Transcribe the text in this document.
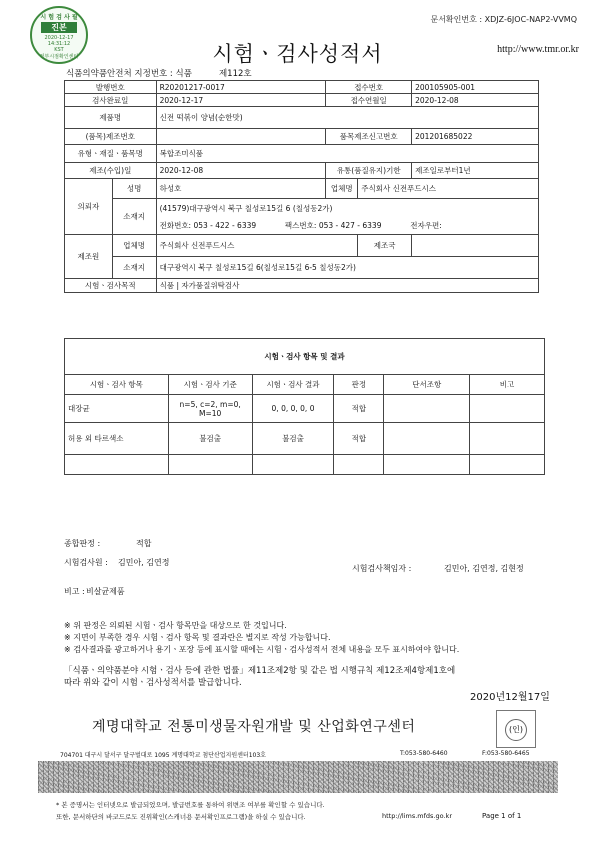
문서확인번호 : XDJZ-6JOC-NAP2-VVMQ
http://www.tmr.or.kr
시험ㆍ검사성적서
시 험 검 사 필
진본
2020-12-17
14:31:12
KST
정부시점확인센터
식품의약품안전처 지정번호 : 식품          제112호
발행번호		R20201217-0017	접수번호		200105905-001
검사완료일		2020-12-17	접수연월일		2020-12-08
제품명		신전 떡볶이 양념(순한맛)			
(품목)제조번호			품목제조신고번호		201201685022
유형ㆍ재질ㆍ품목명		복합조미식품			
제조(수입)일		2020-12-08	유통(품질유지)기한		제조일로부터1년
의뢰자	성명	하성호	업체명	주식회사 신전푸드시스	
	소재지	(41579)대구광역시 북구 칠성로15길 6 (칠성동2가)
전화번호: 053 - 422 - 6339 팩스번호: 053 - 427 - 6339 전자우편:			

제조원	업체명	주식회사 신전푸드시스		제조국	
	소재지	대구광역시 북구 칠성로15길 6(칠성로15길 6-5 칠성동2가)			
시험ㆍ검사목적		식품 | 자가품질위탁검사			
시험ㆍ검사 항목 및 결과					
시험ㆍ검사 항목	시험ㆍ검사 기준	시험ㆍ검사 결과	판정	단서조항	비고
대장균	n=5, c=2, m=0, M=10	0, 0, 0, 0, 0	적합		
허용 외 타르색소	불검출	불검출	적합		

종합판정 :	적합
시험검사원 : 김민아, 김연정
시험검사책임자 :	김민아, 김연정, 김현정
비고 : 비살균제품
※ 위 판정은 의뢰된 시험ㆍ검사 항목만을 대상으로 한 것입니다.
※ 지면이 부족한 경우 시험ㆍ검사 항목 및 결과란은 별지로 작성 가능합니다.
※ 검사결과를 광고하거나 용기ㆍ포장 등에 표시할 때에는 시험ㆍ검사성적서 전체 내용을 모두 표시하여야 합니다.
「식품ㆍ의약품분야 시험ㆍ검사 등에 관한 법률」제11조제2항 및 같은 법 시행규칙 제12조제4항제1호에
따라 위와 같이 시험ㆍ검사성적서를 발급합니다.
2020년12월17일
계명대학교 전통미생물자원개발 및 산업화연구센터	(인)
704701 대구시 달서구 달구벌대로 1095 계명대학교 첨단산업지원센터103호	T:053-580-6460	F:053-580-6465
* 본 증명서는 인터넷으로 발급되었으며, 발급번호를 통하여 위변조 여부를 확인할 수 있습니다.
또한, 문서하단의 바코드로도 진위확인(스캐너용 문서확인프로그램)을 하실 수 있습니다.	http://lims.mfds.go.kr	Page 1 of 1
